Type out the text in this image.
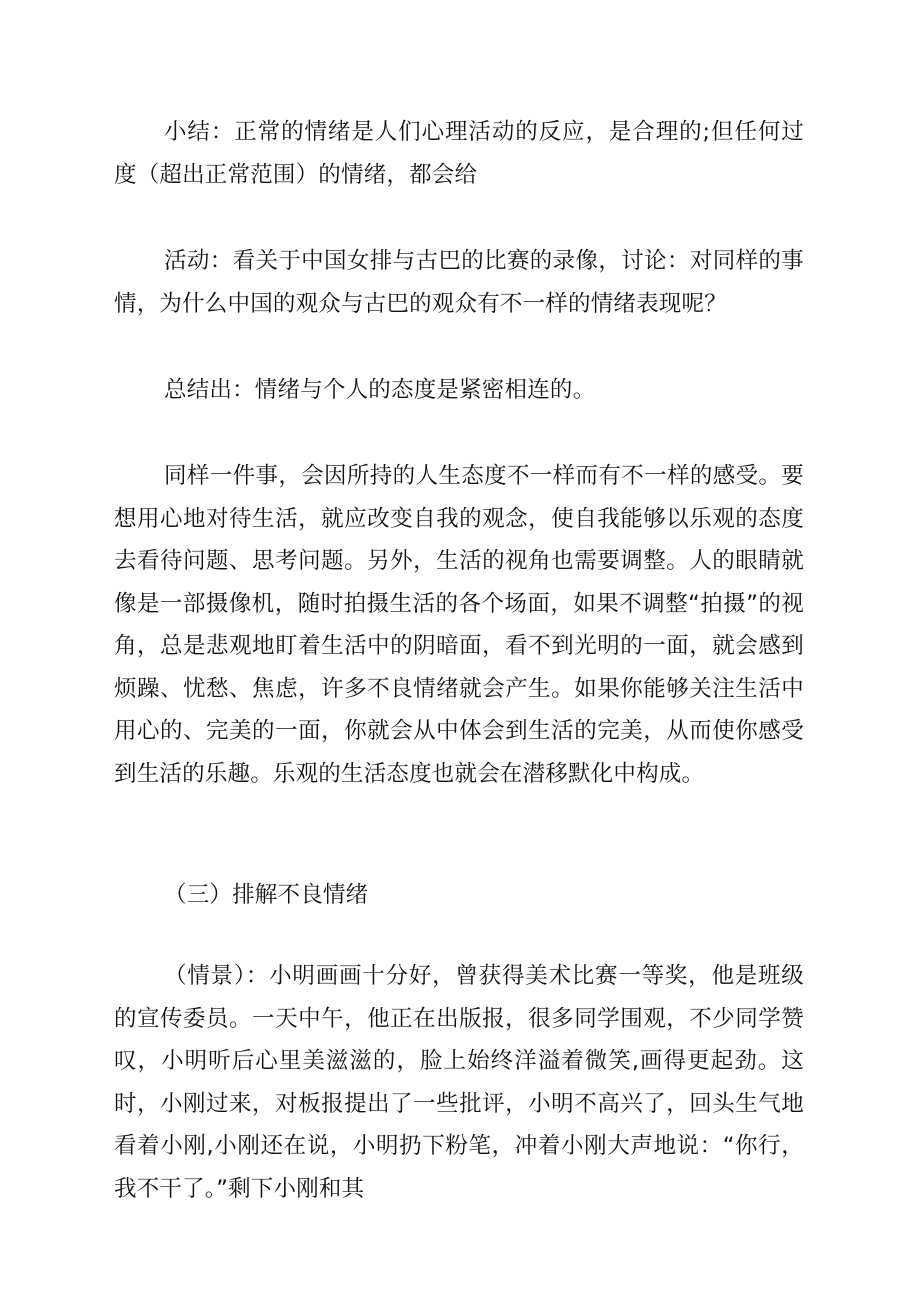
小结：正常的情绪是人们心理活动的反应，是合理的;但任何过度（超出正常范围）的情绪，都会给

活动：看关于中国女排与古巴的比赛的录像，讨论：对同样的事情，为什么中国的观众与古巴的观众有不一样的情绪表现呢？

总结出：情绪与个人的态度是紧密相连的。

同样一件事，会因所持的人生态度不一样而有不一样的感受。要想用心地对待生活，就应改变自我的观念，使自我能够以乐观的态度去看待问题、思考问题。另外，生活的视角也需要调整。人的眼睛就像是一部摄像机，随时拍摄生活的各个场面，如果不调整“拍摄”的视角，总是悲观地盯着生活中的阴暗面，看不到光明的一面，就会感到烦躁、忧愁、焦虑，许多不良情绪就会产生。如果你能够关注生活中用心的、完美的一面，你就会从中体会到生活的完美，从而使你感受到生活的乐趣。乐观的生活态度也就会在潜移默化中构成。

（三）排解不良情绪

（情景）：小明画画十分好，曾获得美术比赛一等奖，他是班级的宣传委员。一天中午，他正在出版报，很多同学围观，不少同学赞叹，小明听后心里美滋滋的，脸上始终洋溢着微笑,画得更起劲。这时，小刚过来，对板报提出了一些批评，小明不高兴了，回头生气地看着小刚,小刚还在说，小明扔下粉笔，冲着小刚大声地说：“你行，我不干了。”剩下小刚和其
